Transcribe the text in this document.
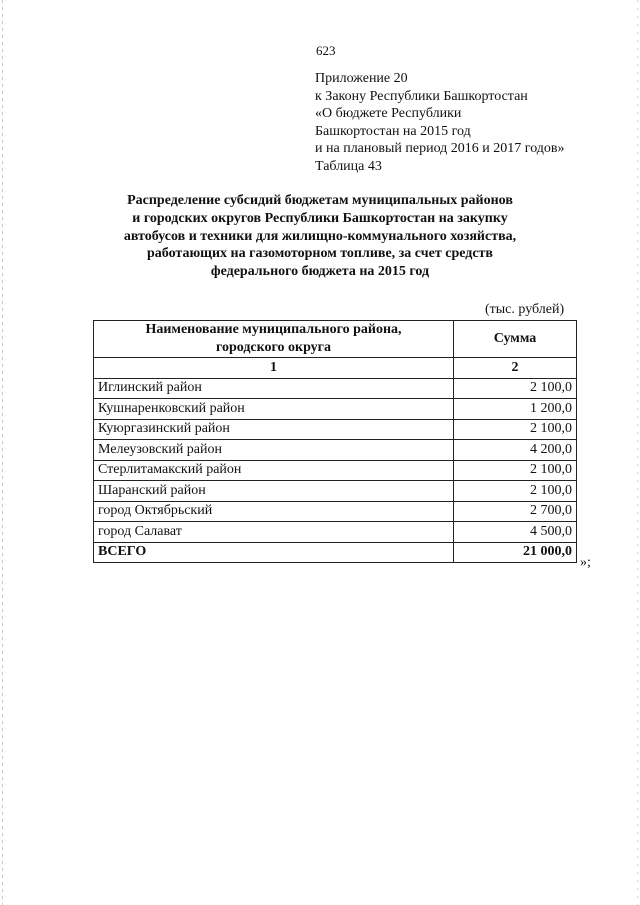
623
Приложение 20
к Закону Республики Башкортостан
«О бюджете Республики
Башкортостан на 2015 год
и на плановый период 2016 и 2017 годов»
Таблица 43
Распределение субсидий бюджетам муниципальных районов
и городских округов Республики Башкортостан на закупку
автобусов и техники для жилищно-коммунального хозяйства,
работающих на газомоторном топливе, за счет средств
федерального бюджета на 2015 год
(тыс. рублей)
Наименование муниципального района,
городского округа	Сумма
1	2
Иглинский район	2 100,0
Кушнаренковский район	1 200,0
Куюргазинский район	2 100,0
Мелеузовский район	4 200,0
Стерлитамакский район	2 100,0
Шаранский район	2 100,0
город Октябрьский	2 700,0
город Салават	4 500,0
ВСЕГО	21 000,0
»;
